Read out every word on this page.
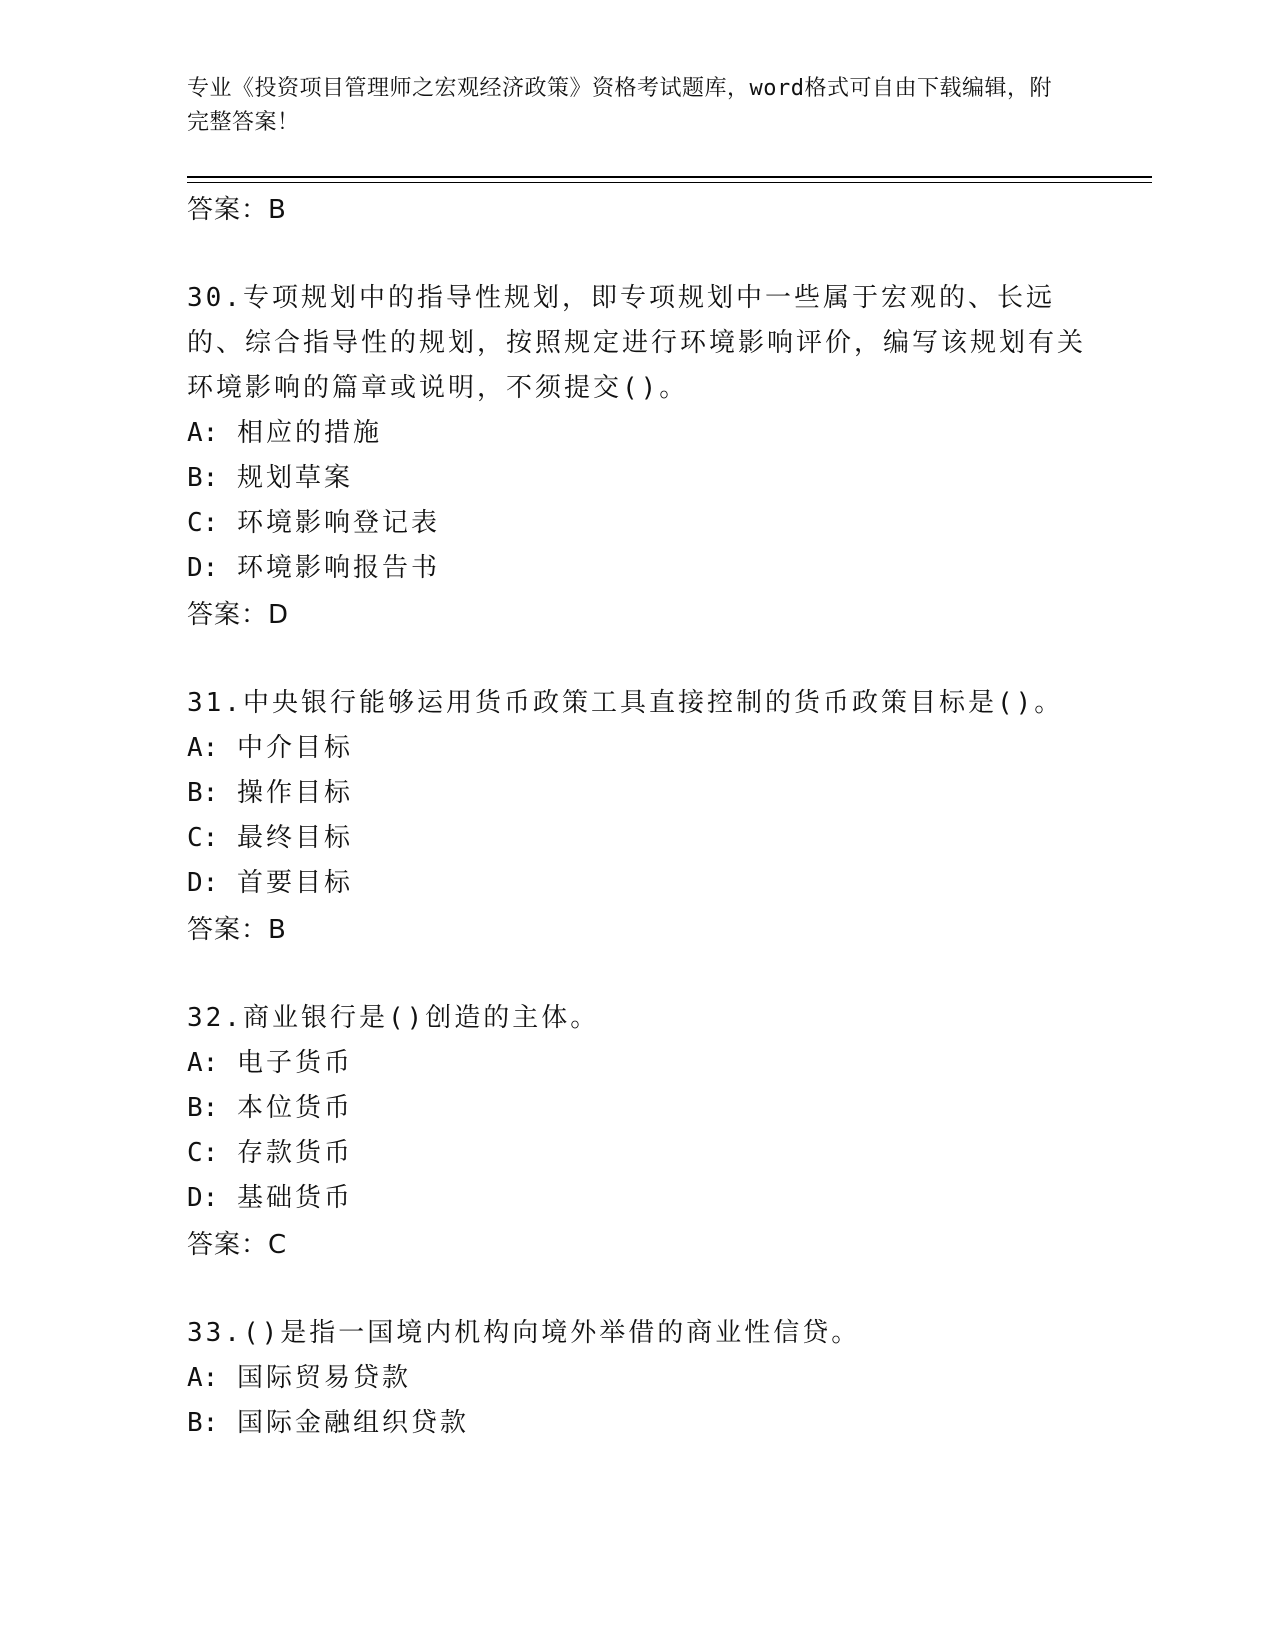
专业《投资项目管理师之宏观经济政策》资格考试题库，word格式可自由下载编辑，附完整答案！
答案：B
30.专项规划中的指导性规划，即专项规划中一些属于宏观的、长远的、综合指导性的规划，按照规定进行环境影响评价，编写该规划有关环境影响的篇章或说明，不须提交()。
A: 相应的措施
B: 规划草案
C: 环境影响登记表
D: 环境影响报告书
答案：D
31.中央银行能够运用货币政策工具直接控制的货币政策目标是()。
A: 中介目标
B: 操作目标
C: 最终目标
D: 首要目标
答案：B
32.商业银行是()创造的主体。
A: 电子货币
B: 本位货币
C: 存款货币
D: 基础货币
答案：C
33.()是指一国境内机构向境外举借的商业性信贷。
A: 国际贸易贷款
B: 国际金融组织贷款
